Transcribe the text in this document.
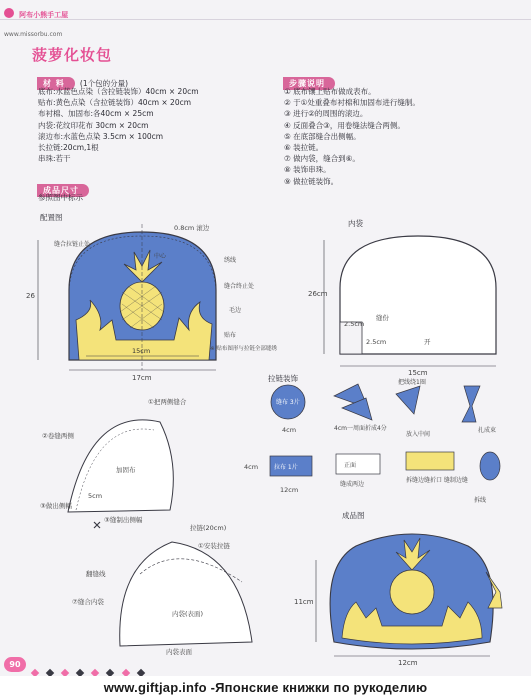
阿布小熊手工屋
www.missorbu.com
菠萝化妆包
材 料 (1个包的分量)
底布:水蓝色点染（含拉链装饰）40cm × 20cm
贴布:黄色点染（含拉链装饰）40cm × 20cm
布衬棉、加固布:各40cm × 25cm
内袋:花纹印花布 30cm × 20cm
滚边布:水蓝色点染 3.5cm × 100cm
长拉链:20cm,1根
串珠:若干
成品尺寸
参照图中标示
步骤说明
① 底布镶上贴布做成表布。
② 于①处重叠布衬棉和加固布进行缝制。
③ 进行②的周围的滚边。
④ 反面叠合③，用卷缝法缝合两侧。
⑤ 在底部缝合出侧幅。
⑥ 装拉链。
⑦ 做内袋，缝合到⑥。
⑧ 装饰串珠。
⑨ 做拉链装饰。
配置图
26
17cm
15cm
0.8cm 滚边
缝合拉链止处
绣线
缝合终止处
毛边
贴布
中心
※ 贴布图形与拉链全部缝绣
内袋
26cm
15cm
2.5cm
缝份
2.5cm	开
拉链装饰
缝布 3片
4cm
把线绕1圈
4cm一周面折成4分
放入中间
扎成束
拉布 1片
4cm
12cm
正面
缝成两边
拆缝边缝折口 缝制边缝
拆线
①把两侧缝合
②卷缝两侧
加固布
5cm
③缝制出侧幅
③做出侧幅
拉链(20cm)
①安装拉链
翻缝线
⑦缝合内袋
内袋(表面)
内袋表面
成品图
11cm
12cm
90

www.giftjap.info -Японские книжки по рукоделию
